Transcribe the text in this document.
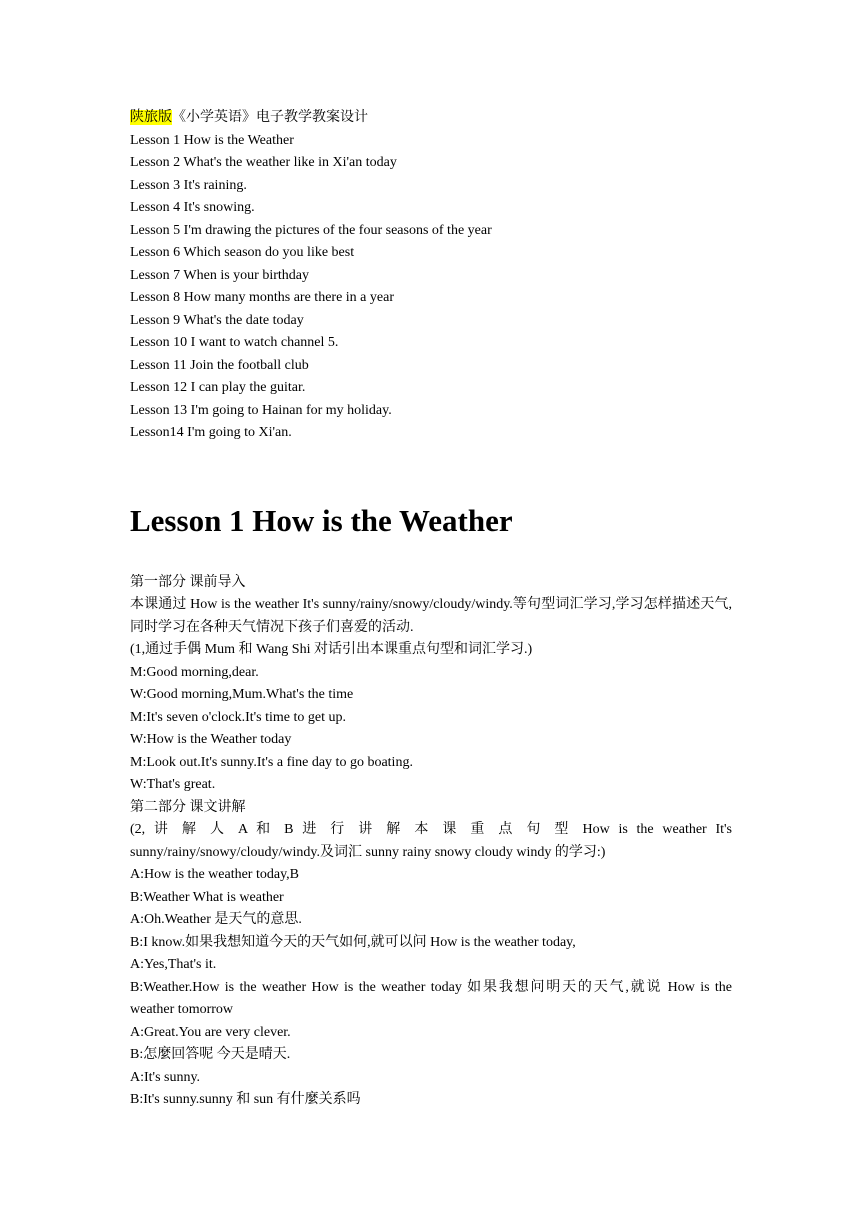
陕旅版《小学英语》电子教学教案设计

Lesson 1 How is the Weather

Lesson 2 What's the weather like in Xi'an today

Lesson 3 It's raining.

Lesson 4 It's snowing.

Lesson 5 I'm drawing the pictures of the four seasons of the year

Lesson 6 Which season do you like best

Lesson 7 When is your birthday

Lesson 8 How many months are there in a year

Lesson 9 What's the date today

Lesson 10 I want to watch channel 5.

Lesson 11 Join the football club

Lesson 12 I can play the guitar.

Lesson 13 I'm going to Hainan for my holiday.

Lesson14 I'm going to Xi'an.

Lesson 1 How is the Weather

第一部分 课前导入

本课通过 How is the weather It's sunny/rainy/snowy/cloudy/windy.等句型词汇学习,学习怎样描述天气,同时学习在各种天气情况下孩子们喜爱的活动.

(1,通过手偶 Mum 和 Wang Shi 对话引出本课重点句型和词汇学习.)

M:Good morning,dear.

W:Good morning,Mum.What's the time

M:It's seven o'clock.It's time to get up.

W:How is the Weather today

M:Look out.It's sunny.It's a fine day to go boating.

W:That's great.

第二部分 课文讲解

(2, 讲 解 人 A 和 B 进 行 讲 解 本 课 重 点 句 型 How is the weather It's sunny/rainy/snowy/cloudy/windy.及词汇 sunny rainy snowy cloudy windy 的学习:)

A:How is the weather today,B

B:Weather What is weather

A:Oh.Weather 是天气的意思.

B:I know.如果我想知道今天的天气如何,就可以问 How is the weather today,

A:Yes,That's it.

B:Weather.How is the weather How is the weather today 如果我想问明天的天气,就说 How is the weather tomorrow

A:Great.You are very clever.

B:怎麼回答呢 今天是晴天.

A:It's sunny.

B:It's sunny.sunny 和 sun 有什麼关系吗
